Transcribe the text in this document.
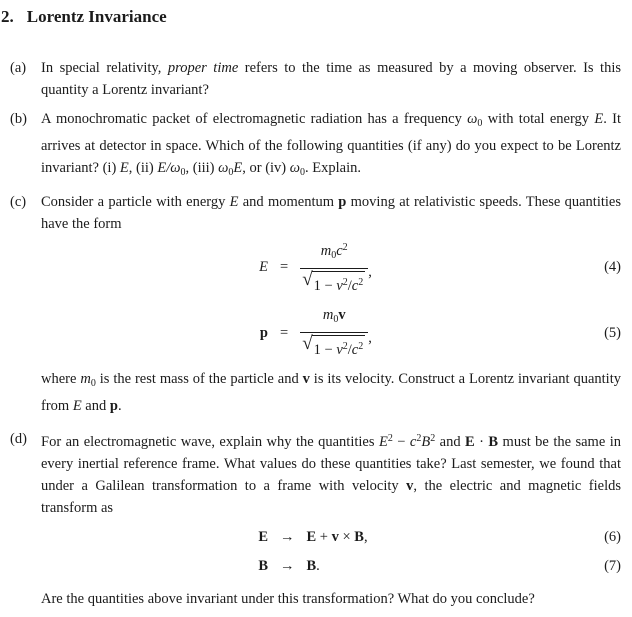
2. Lorentz Invariance
(a)	In special relativity, proper time refers to the time as measured by a moving observer. Is this quantity a Lorentz invariant?

(b) A monochromatic packet of electromagnetic radiation has a frequency $\omega_0$ with total energy E. It arrives at detector in space. Which of the following quantities (if any) do you expect to be Lorentz invariant? (i) E, (ii) $E/\omega_0$, (iii) $\omega_0E$, or (iv) $\omega_0$. Explain.

(c)	Consider a particle with energy E and momentum p moving at relativistic speeds. These quantities have the form

$E = \frac{m_0c^2}{√ 1 - v^2/c^2}$ ,	(4)
$p = \frac{m_0v}{√ 1 - v^2/c^2}$ ,	(5)

where $m_0$ is the rest mass of the particle and v is its velocity. Construct a Lorentz invariant quantity from E and p.

(d) For an electromagnetic wave, explain why the quantities $E^2 - c^2B^2$ and E · B must be the same in every inertial reference frame. What values do these quantities take? Last semester, we found that under a Galilean transformation to a frame with velocity v, the electric and magnetic fields transform as

E → E + v × B,	(6)
B → B.	(7)

Are the quantities above invariant under this transformation? What do you conclude?
